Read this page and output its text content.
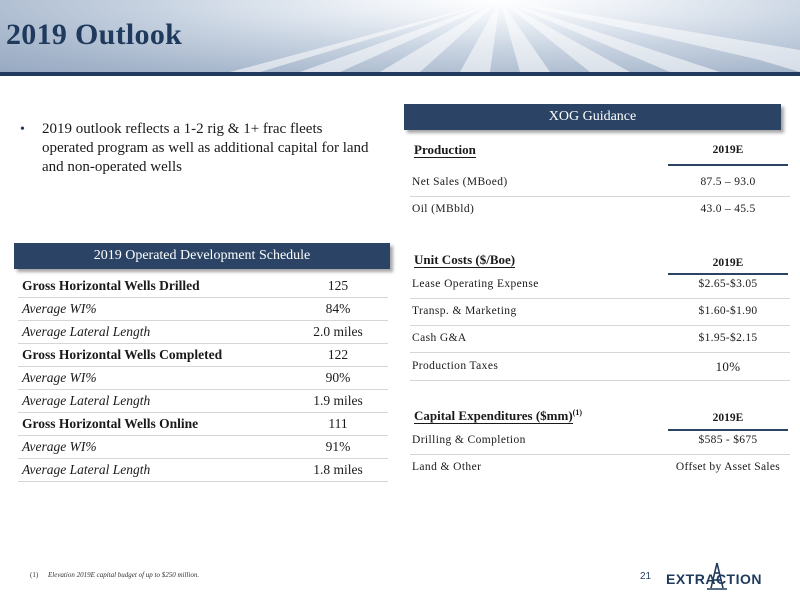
2019 Outlook
• 2019 outlook reflects a 1-2 rig & 1+ frac fleets operated program as well as additional capital for land and non-operated wells
2019 Operated Development Schedule
Gross Horizontal Wells Drilled	125
Average WI%	84%
Average Lateral Length	2.0 miles
Gross Horizontal Wells Completed	122
Average WI%	90%
Average Lateral Length	1.9 miles
Gross Horizontal Wells Online	111
Average WI%	91%
Average Lateral Length	1.8 miles
XOG Guidance
Production	2019E
Net Sales (MBoed)	87.5 – 93.0
Oil (MBbld)	43.0 – 45.5
Unit Costs ($/Boe)	2019E
Lease Operating Expense	$2.65-$3.05
Transp. & Marketing	$1.60-$1.90
Cash G&A	$1.95-$2.15
Production Taxes	10%
Capital Expenditures ($mm)$^{(1)}$	2019E
Drilling & Completion	$585 - $675
Land & Other	Offset by Asset Sales
(1) Elevation 2019E capital budget of up to $250 million.	21 EXTRACTION
